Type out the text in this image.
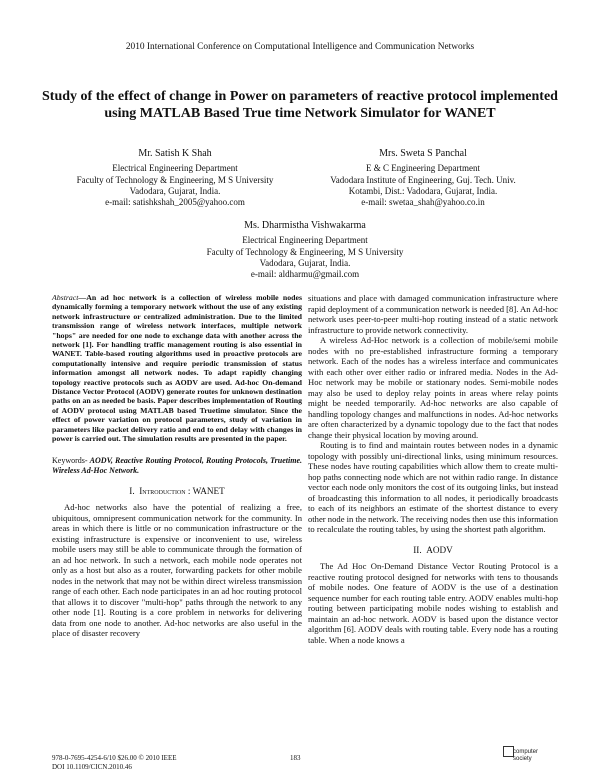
2010 International Conference on Computational Intelligence and Communication Networks
Study of the effect of change in Power on parameters of reactive protocol implemented
using MATLAB Based True time Network Simulator for WANET
Mr. Satish K Shah
Electrical Engineering Department
Faculty of Technology & Engineering, M S University
Vadodara, Gujarat, India.
e-mail: satishkshah_2005@yahoo.com
Mrs. Sweta S Panchal
E & C Engineering Department
Vadodara Institute of Engineering, Guj. Tech. Univ.
Kotambi, Dist.: Vadodara, Gujarat, India.
e-mail: swetaa_shah@yahoo.co.in
Ms. Dharmistha Vishwakarma
Electrical Engineering Department
Faculty of Technology & Engineering, M S University
Vadodara, Gujarat, India.
e-mail: aldharmu@gmail.com

Abstract—An ad hoc network is a collection of wireless mobile nodes dynamically forming a temporary network without the use of any existing network infrastructure or centralized administration. Due to the limited transmission range of wireless network interfaces, multiple network "hops" are needed for one node to exchange data with another across the network [1]. For handling traffic management routing is also essential in WANET. Table-based routing algorithms used in proactive protocols are computationally intensive and require periodic transmission of status information amongst all network nodes. To adapt rapidly changing topology reactive protocols such as AODV are used. Ad-hoc On-demand Distance Vector Protocol (AODV) generate routes for unknown destination paths on an as needed be basis. Paper describes implementation of Routing of AODV protocol using MATLAB based Truetime simulator. Since the effect of power variation on protocol parameters, study of variation in parameters like packet delivery ratio and end to end delay with changes in power is carried out. The simulation results are presented in the paper.

Keywords- AODV, Reactive Routing Protocol, Routing Protocols, Truetime. Wireless Ad-Hoc Network.

I. Introduction : WANET

Ad-hoc networks also have the potential of realizing a free, ubiquitous, omnipresent communication network for the community. In areas in which there is little or no communication infrastructure or the existing infrastructure is expensive or inconvenient to use, wireless mobile users may still be able to communicate through the formation of an ad hoc network. In such a network, each mobile node operates not only as a host but also as a router, forwarding packets for other mobile nodes in the network that may not be within direct wireless transmission range of each other. Each node participates in an ad hoc routing protocol that allows it to discover "multi-hop" paths through the network to any other node [1]. Routing is a core problem in networks for delivering data from one node to another. Ad-hoc networks are also useful in the place of disaster recovery

situations and place with damaged communication infrastructure where rapid deployment of a communication network is needed [8]. An Ad-hoc network uses peer-to-peer multi-hop routing instead of a static network infrastructure to provide network connectivity.

A wireless Ad-Hoc network is a collection of mobile/semi mobile nodes with no pre-established infrastructure forming a temporary network. Each of the nodes has a wireless interface and communicates with each other over either radio or infrared media. Nodes in the Ad-Hoc network may be mobile or stationary nodes. Semi-mobile nodes may also be used to deploy relay points in areas where relay points might be needed temporarily. Ad-hoc networks are also capable of handling topology changes and malfunctions in nodes. Ad-hoc networks are often characterized by a dynamic topology due to the fact that nodes change their physical location by moving around.

Routing is to find and maintain routes between nodes in a dynamic topology with possibly uni-directional links, using minimum resources. These nodes have routing capabilities which allow them to create multi-hop paths connecting node which are not within radio range. In distance vector each node only monitors the cost of its outgoing links, but instead of broadcasting this information to all nodes, it periodically broadcasts to each of its neighbors an estimate of the shortest distance to every other node in the network. The receiving nodes then use this information to recalculate the routing tables, by using the shortest path algorithm.

II. AODV

The Ad Hoc On-Demand Distance Vector Routing Protocol is a reactive routing protocol designed for networks with tens to thousands of mobile nodes. One feature of AODV is the use of a destination sequence number for each routing table entry. AODV enables multi-hop routing between participating mobile nodes wishing to establish and maintain an ad-hoc network. AODV is based upon the distance vector algorithm [6]. AODV deals with routing table. Every node has a routing table. When a node knows a

978-0-7695-4254-6/10 $26.00 © 2010 IEEE
DOI 10.1109/CICN.2010.46
183
computer
society
